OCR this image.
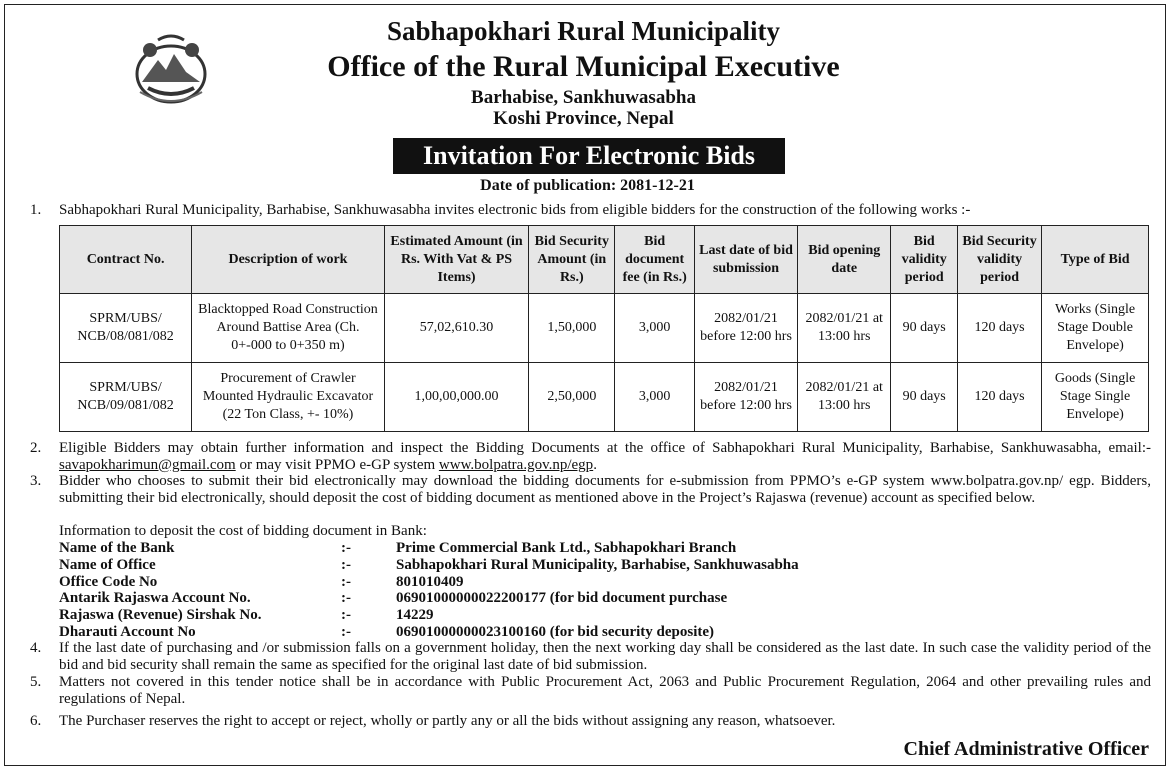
Sabhapokhari Rural Municipality
Office of the Rural Municipal Executive
Barhabise, Sankhuwasabha
Koshi Province, Nepal
Invitation For Electronic Bids
Date of publication: 2081-12-21
1. Sabhapokhari Rural Municipality, Barhabise, Sankhuwasabha invites electronic bids from eligible bidders for the construction of the following works :-
Contract No.	Description of work	Estimated Amount (in Rs. With Vat & PS Items)	Bid Security Amount (in Rs.)	Bid document fee (in Rs.)	Last date of bid submission	Bid opening date	Bid validity period	Bid Security validity period	Type of Bid
SPRM/UBS/ NCB/08/081/082	Blacktopped Road Construction Around Battise Area (Ch. 0+-000 to 0+350 m)	57,02,610.30	1,50,000	3,000	2082/01/21 before 12:00 hrs	2082/01/21 at 13:00 hrs	90 days	120 days	Works (Single Stage Double Envelope)
SPRM/UBS/ NCB/09/081/082	Procurement of Crawler Mounted Hydraulic Excavator (22 Ton Class, +- 10%)	1,00,00,000.00	2,50,000	3,000	2082/01/21 before 12:00 hrs	2082/01/21 at 13:00 hrs	90 days	120 days	Goods (Single Stage Single Envelope)
2. Eligible Bidders may obtain further information and inspect the Bidding Documents at the office of Sabhapokhari Rural Municipality, Barhabise, Sankhuwasabha, email:- savapokharimun@gmail.com or may visit PPMO e-GP system www.bolpatra.gov.np/egp.
3. Bidder who chooses to submit their bid electronically may download the bidding documents for e-submission from PPMO’s e-GP system www.bolpatra.gov.np/ egp. Bidders, submitting their bid electronically, should deposit the cost of bidding document as mentioned above in the Project’s Rajaswa (revenue) account as specified below.
Information to deposit the cost of bidding document in Bank:
Name of the Bank	:-	Prime Commercial Bank Ltd., Sabhapokhari Branch
Name of Office	:-	Sabhapokhari Rural Municipality, Barhabise, Sankhuwasabha
Office Code No	:-	801010409
Antarik Rajaswa Account No.	:-	06901000000022200177 (for bid document purchase
Rajaswa (Revenue) Sirshak No.	:-	14229
Dharauti Account No	:-	06901000000023100160 (for bid security deposite)
4. If the last date of purchasing and /or submission falls on a government holiday, then the next working day shall be considered as the last date. In such case the validity period of the bid and bid security shall remain the same as specified for the original last date of bid submission.
5. Matters not covered in this tender notice shall be in accordance with Public Procurement Act, 2063 and Public Procurement Regulation, 2064 and other prevailing rules and regulations of Nepal.
6. The Purchaser reserves the right to accept or reject, wholly or partly any or all the bids without assigning any reason, whatsoever.
Chief Administrative Officer
